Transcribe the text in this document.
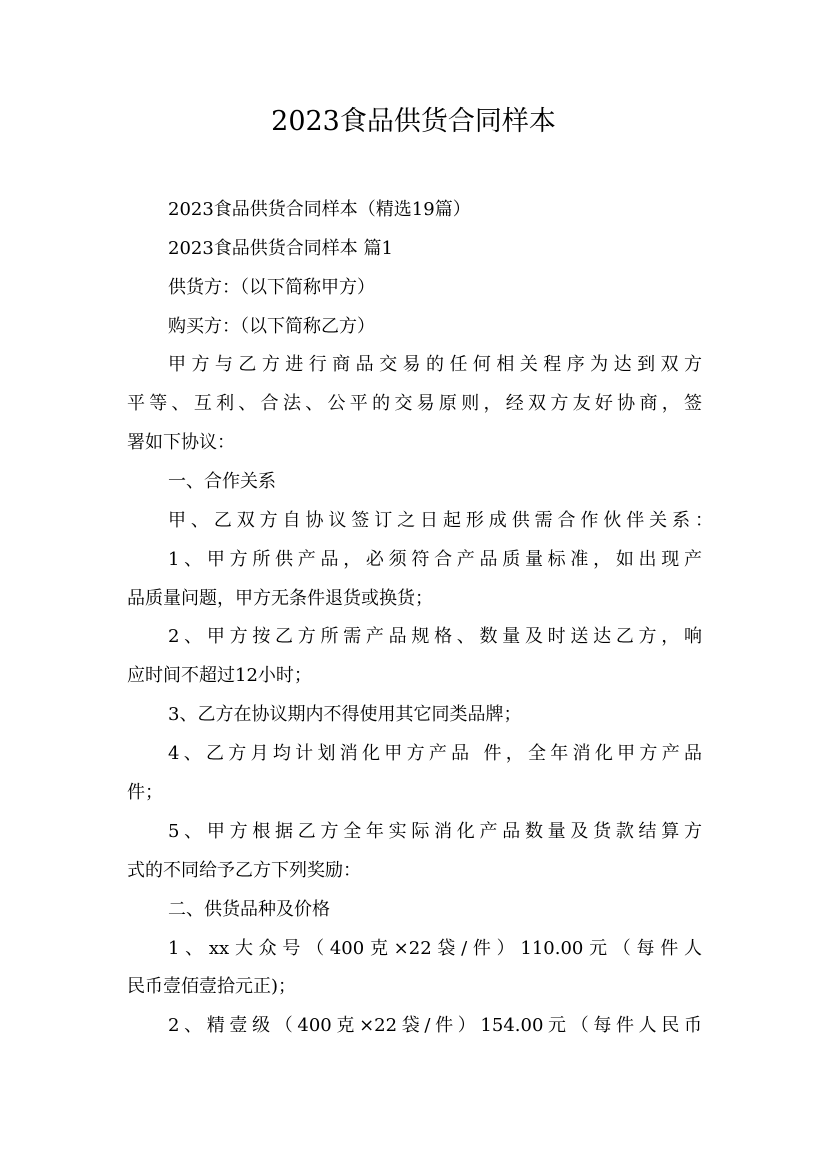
2023食品供货合同样本
2023食品供货合同样本（精选19篇）
2023食品供货合同样本 篇1
供货方：（以下简称甲方）
购买方：（以下简称乙方）
甲方与乙方进行商品交易的任何相关程序为达到双方
平等、互利、合法、公平的交易原则，经双方友好协商，签
署如下协议：
一、合作关系
甲、乙双方自协议签订之日起形成供需合作伙伴关系：
1、甲方所供产品，必须符合产品质量标准，如出现产
品质量问题，甲方无条件退货或换货；
2、甲方按乙方所需产品规格、数量及时送达乙方，响
应时间不超过12小时；
3、乙方在协议期内不得使用其它同类品牌；
4、乙方月均计划消化甲方产品 件，全年消化甲方产品
件；
5、甲方根据乙方全年实际消化产品数量及货款结算方
式的不同给予乙方下列奖励：
二、供货品种及价格
1、xx大众号（400克×22袋/件）110.00元（每件人
民币壹佰壹拾元正)；
2、精壹级（400克×22袋/件）154.00元（每件人民币
